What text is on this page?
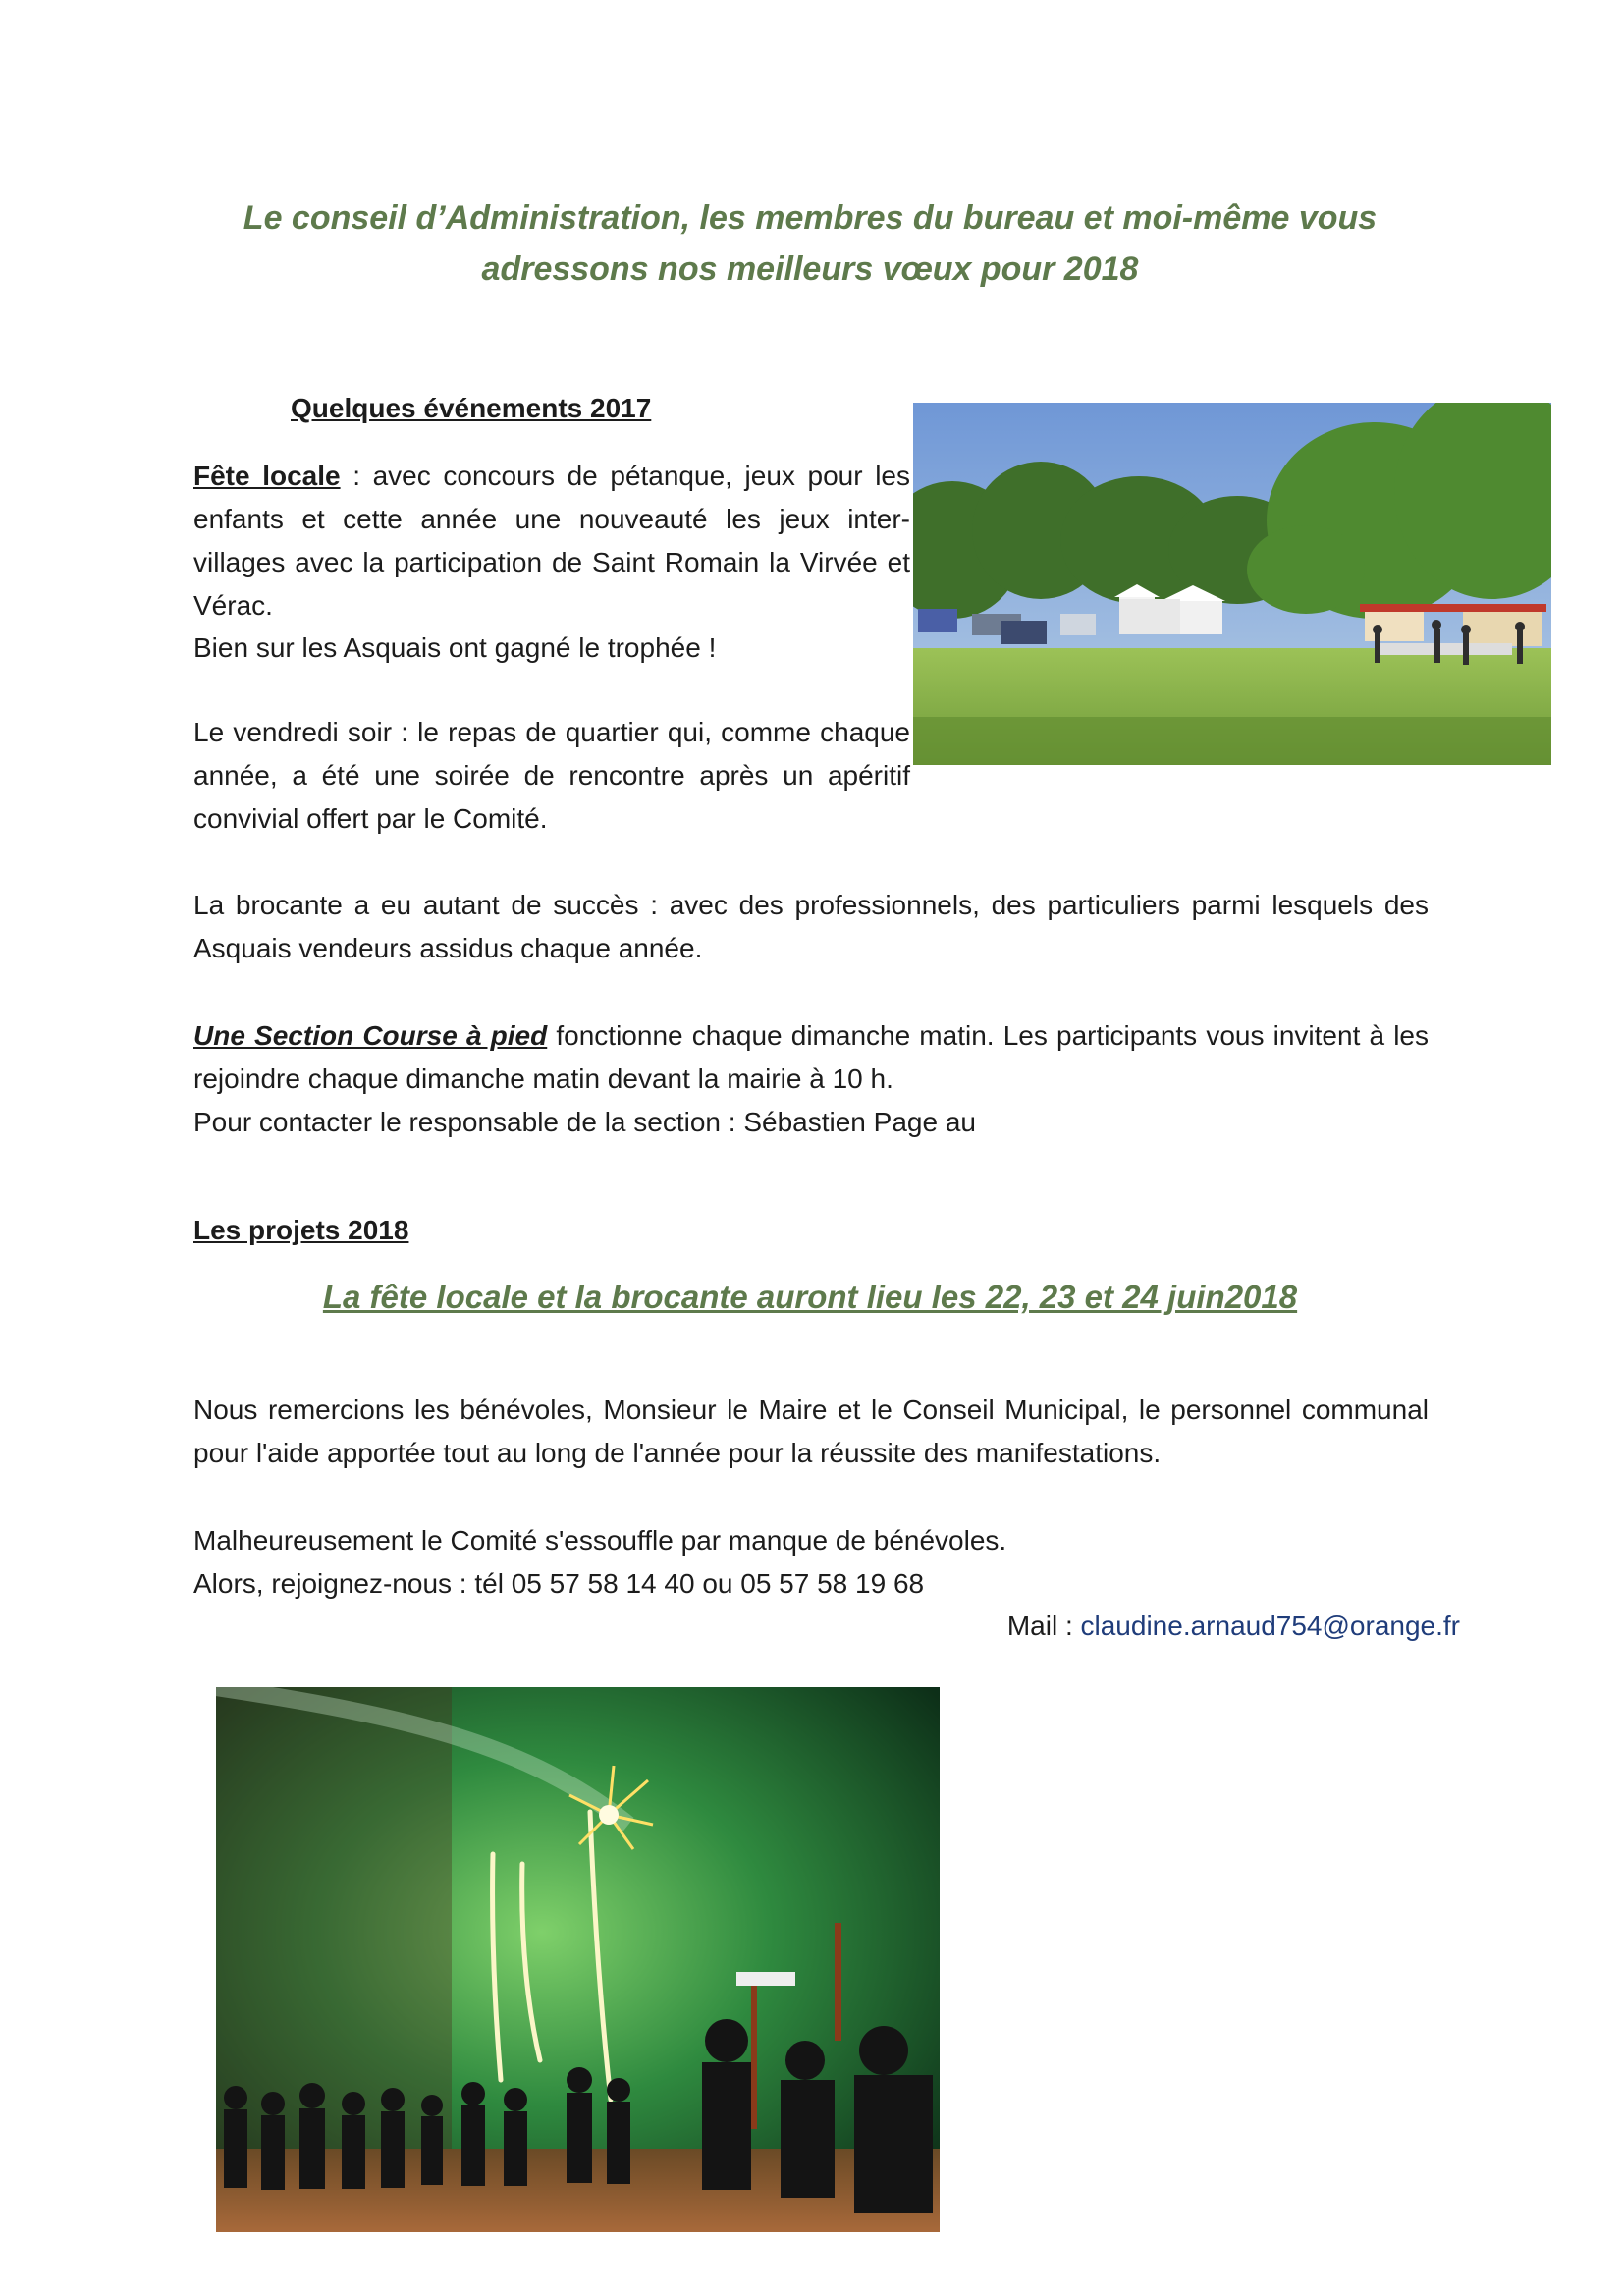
Le conseil d’Administration, les membres du bureau et moi-même vous
adressons nos meilleurs vœux pour 2018
Quelques événements 2017
Fête locale : avec concours de pétanque, jeux pour les enfants et cette année une nouveauté les jeux inter-villages avec la participation de Saint Romain la Virvée et Vérac.
Bien sur les Asquais ont gagné le trophée !
Le vendredi soir : le repas de quartier qui, comme chaque année, a été une soirée de rencontre après un apéritif convivial offert par le Comité.
La brocante a eu autant de succès : avec des professionnels, des particuliers parmi lesquels des Asquais vendeurs assidus chaque année.
Une Section Course à pied fonctionne chaque dimanche matin. Les participants vous invitent à les rejoindre chaque dimanche matin devant la mairie à 10 h.
Pour contacter le responsable de la section : Sébastien Page au
Les projets 2018
La fête locale et la brocante auront lieu les 22, 23 et 24 juin2018
Nous remercions les bénévoles, Monsieur le Maire et le Conseil Municipal, le personnel communal pour l'aide apportée tout au long de l'année pour la réussite des manifestations.
Malheureusement le Comité s'essouffle par manque de bénévoles.
Alors, rejoignez-nous : tél 05 57 58 14 40 ou 05 57 58 19 68
Mail : claudine.arnaud754@orange.fr
